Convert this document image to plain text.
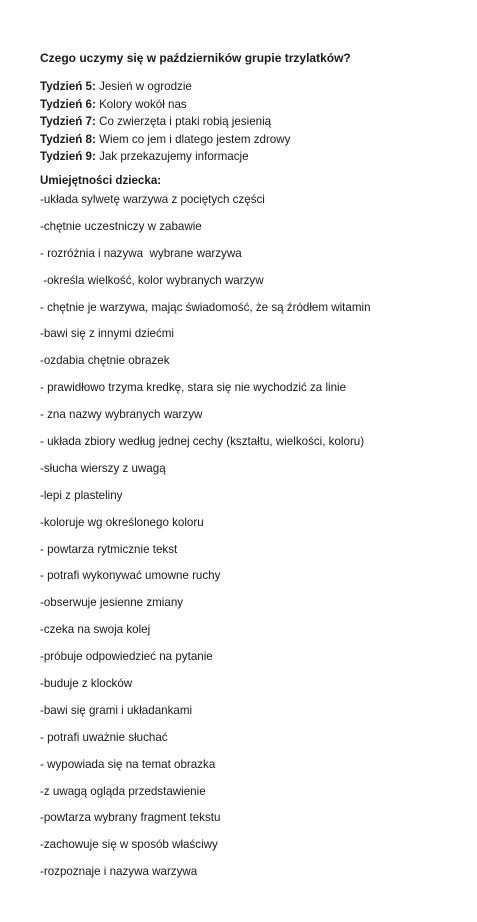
Czego uczymy się w październików grupie trzylatków?
Tydzień 5: Jesień w ogrodzie
Tydzień 6: Kolory wokół nas
Tydzień 7: Co zwierzęta i ptaki robią jesienią
Tydzień 8: Wiem co jem i dlatego jestem zdrowy
Tydzień 9: Jak przekazujemy informacje
Umiejętności dziecka:
-układa sylwetę warzywa z pociętych części
-chętnie uczestniczy w zabawie
- rozróżnia i nazywa  wybrane warzywa
-określa wielkość, kolor wybranych warzyw
- chętnie je warzywa, mając świadomość, że są źródłem witamin
-bawi się z innymi dziećmi
-ozdabia chętnie obrazek
- prawidłowo trzyma kredkę, stara się nie wychodzić za linie
- zna nazwy wybranych warzyw
- układa zbiory według jednej cechy (kształtu, wielkości, koloru)
-słucha wierszy z uwagą
-lepi z plasteliny
-koloruje wg określonego koloru
- powtarza rytmicznie tekst
- potrafi wykonywać umowne ruchy
-obserwuje jesienne zmiany
-czeka na swoja kolej
-próbuje odpowiedzieć na pytanie
-buduje z klocków
-bawi się grami i układankami
- potrafi uważnie słuchać
- wypowiada się na temat obrazka
-z uwagą ogląda przedstawienie
-powtarza wybrany fragment tekstu
-zachowuje się w sposób właściwy
-rozpoznaje i nazywa warzywa
